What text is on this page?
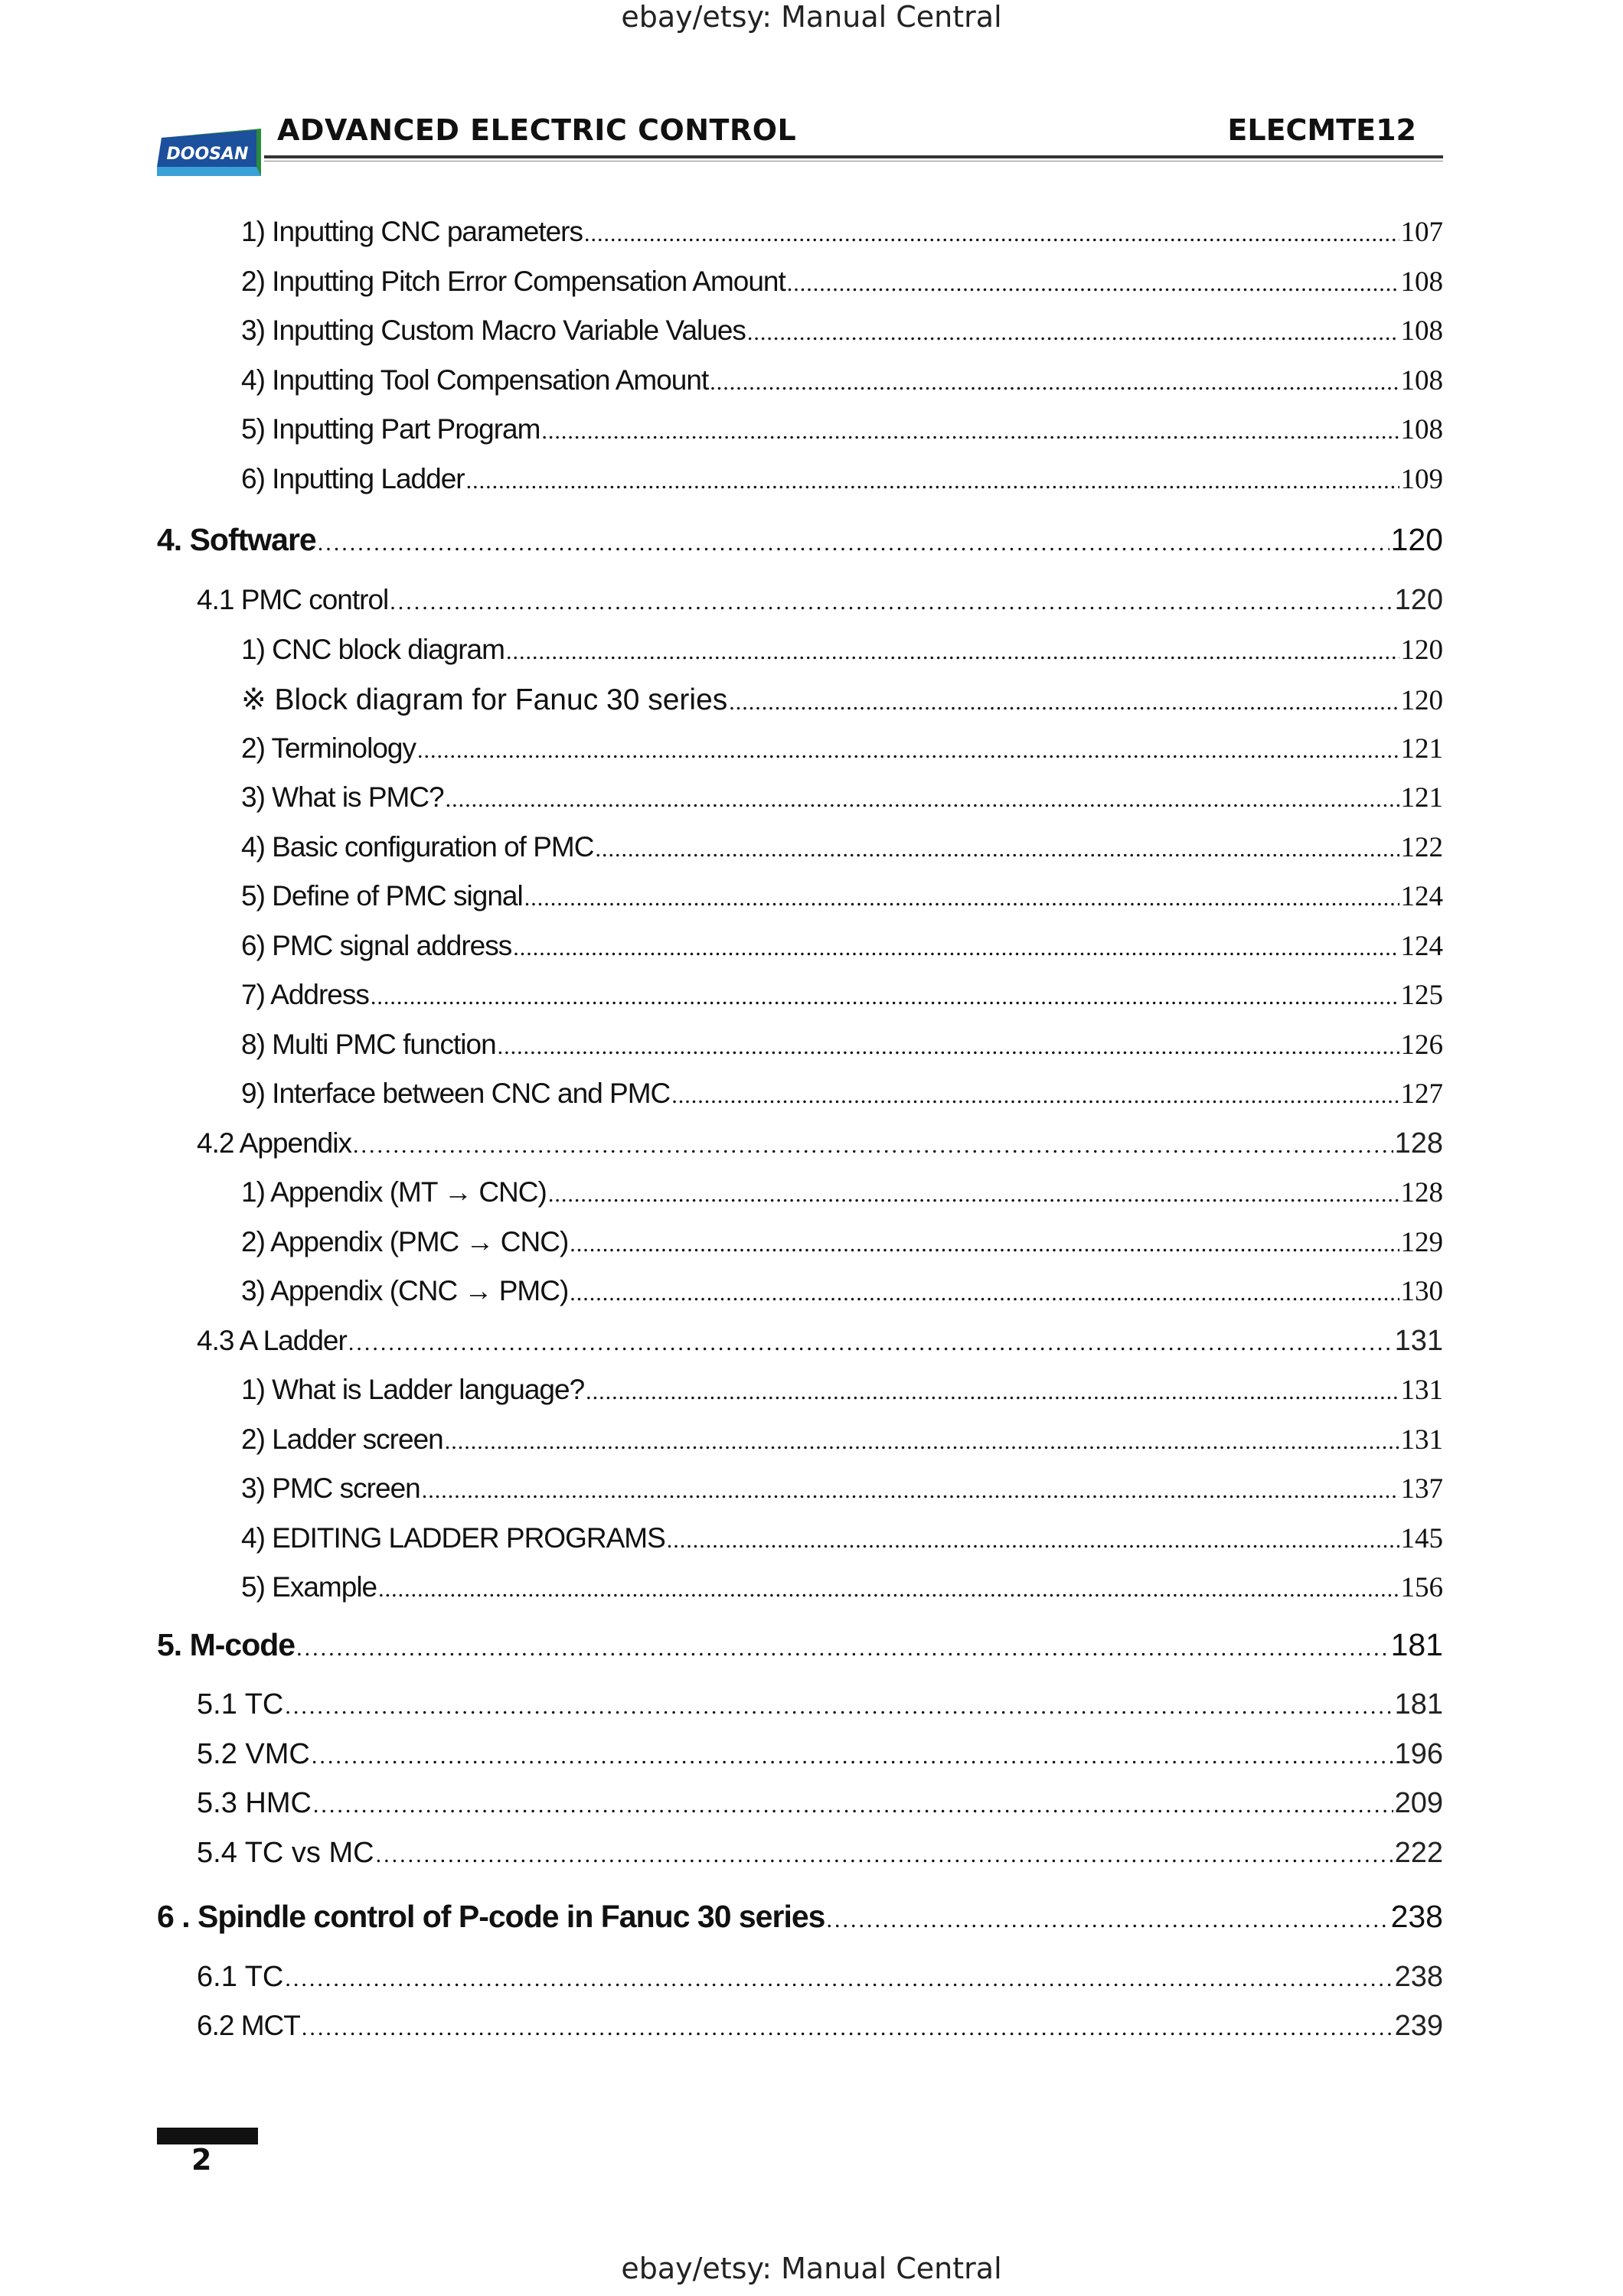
ebay/etsy: Manual Central
DOOSAN
ADVANCED ELECTRIC CONTROL	ELECMTE12
1) Inputting CNC parameters .....	107
2) Inputting Pitch Error Compensation Amount .....	108
3) Inputting Custom Macro Variable Values .....	108
4) Inputting Tool Compensation Amount .....	108
5) Inputting Part Program .....	108
6) Inputting Ladder .....	109
4. Software .....	120
4.1 PMC control .....	120
1) CNC block diagram .....	120
※ Block diagram for Fanuc 30 series .....	120
2) Terminology .....	121
3) What is PMC? .....	121
4) Basic configuration of PMC .....	122
5) Define of PMC signal .....	124
6) PMC signal address .....	124
7) Address .....	125
8) Multi PMC function .....	126
9) Interface between CNC and PMC .....	127
4.2 Appendix .....	128
1) Appendix (MT → CNC) .....	128
2) Appendix (PMC → CNC) .....	129
3) Appendix (CNC → PMC) .....	130
4.3 A Ladder .....	131
1) What is Ladder language? .....	131
2) Ladder screen .....	131
3) PMC screen .....	137
4) EDITING LADDER PROGRAMS .....	145
5) Example .....	156
5. M-code .....	181
5.1 TC .....	181
5.2 VMC .....	196
5.3 HMC .....	209
5.4 TC vs MC .....	222
6 . Spindle control of P-code in Fanuc 30 series .....	238
6.1 TC .....	238
6.2 MCT .....	239
2
ebay/etsy: Manual Central
